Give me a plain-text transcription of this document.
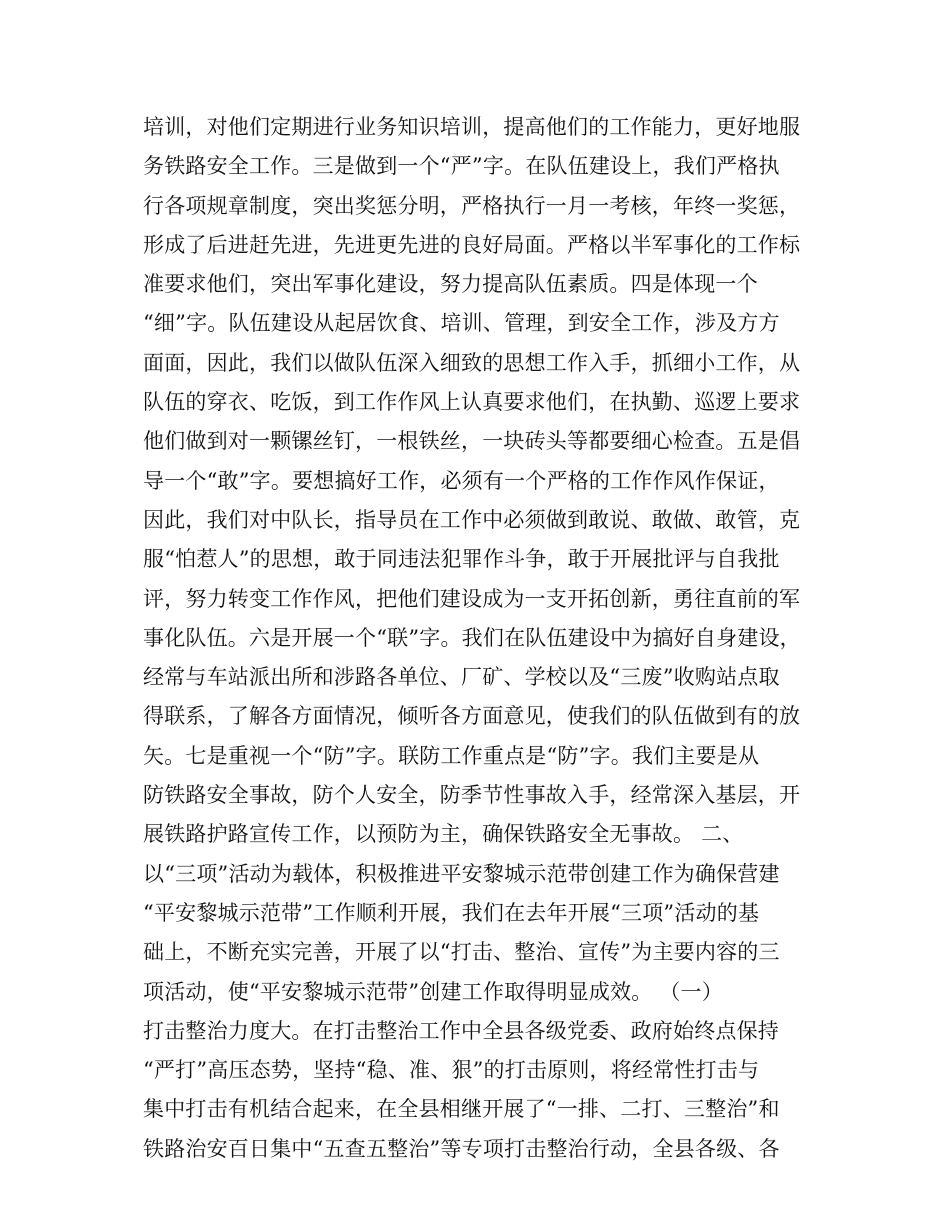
培训，对他们定期进行业务知识培训，提高他们的工作能力，更好地服
务铁路安全工作。三是做到一个“严”字。在队伍建设上，我们严格执
行各项规章制度，突出奖惩分明，严格执行一月一考核，年终一奖惩，
形成了后进赶先进，先进更先进的良好局面。严格以半军事化的工作标
准要求他们，突出军事化建设，努力提高队伍素质。四是体现一个
“细”字。队伍建设从起居饮食、培训、管理，到安全工作，涉及方方
面面，因此，我们以做队伍深入细致的思想工作入手，抓细小工作，从
队伍的穿衣、吃饭，到工作作风上认真要求他们，在执勤、巡逻上要求
他们做到对一颗镙丝钉，一根铁丝，一块砖头等都要细心检查。五是倡
导一个“敢”字。要想搞好工作，必须有一个严格的工作作风作保证，
因此，我们对中队长，指导员在工作中必须做到敢说、敢做、敢管，克
服“怕惹人”的思想，敢于同违法犯罪作斗争，敢于开展批评与自我批
评，努力转变工作作风，把他们建设成为一支开拓创新，勇往直前的军
事化队伍。六是开展一个“联”字。我们在队伍建设中为搞好自身建设，
经常与车站派出所和涉路各单位、厂矿、学校以及“三废”收购站点取
得联系，了解各方面情况，倾听各方面意见，使我们的队伍做到有的放
矢。七是重视一个“防”字。联防工作重点是“防”字。我们主要是从
防铁路安全事故，防个人安全，防季节性事故入手，经常深入基层，开
展铁路护路宣传工作，以预防为主，确保铁路安全无事故。 二、
以“三项”活动为载体，积极推进平安黎城示范带创建工作为确保营建
“平安黎城示范带”工作顺利开展，我们在去年开展“三项”活动的基
础上，不断充实完善，开展了以“打击、整治、宣传”为主要内容的三
项活动，使“平安黎城示范带”创建工作取得明显成效。 （一）
打击整治力度大。在打击整治工作中全县各级党委、政府始终点保持
“严打”高压态势，坚持“稳、准、狠”的打击原则，将经常性打击与
集中打击有机结合起来，在全县相继开展了“一排、二打、三整治”和
铁路治安百日集中“五查五整治”等专项打击整治行动，全县各级、各
